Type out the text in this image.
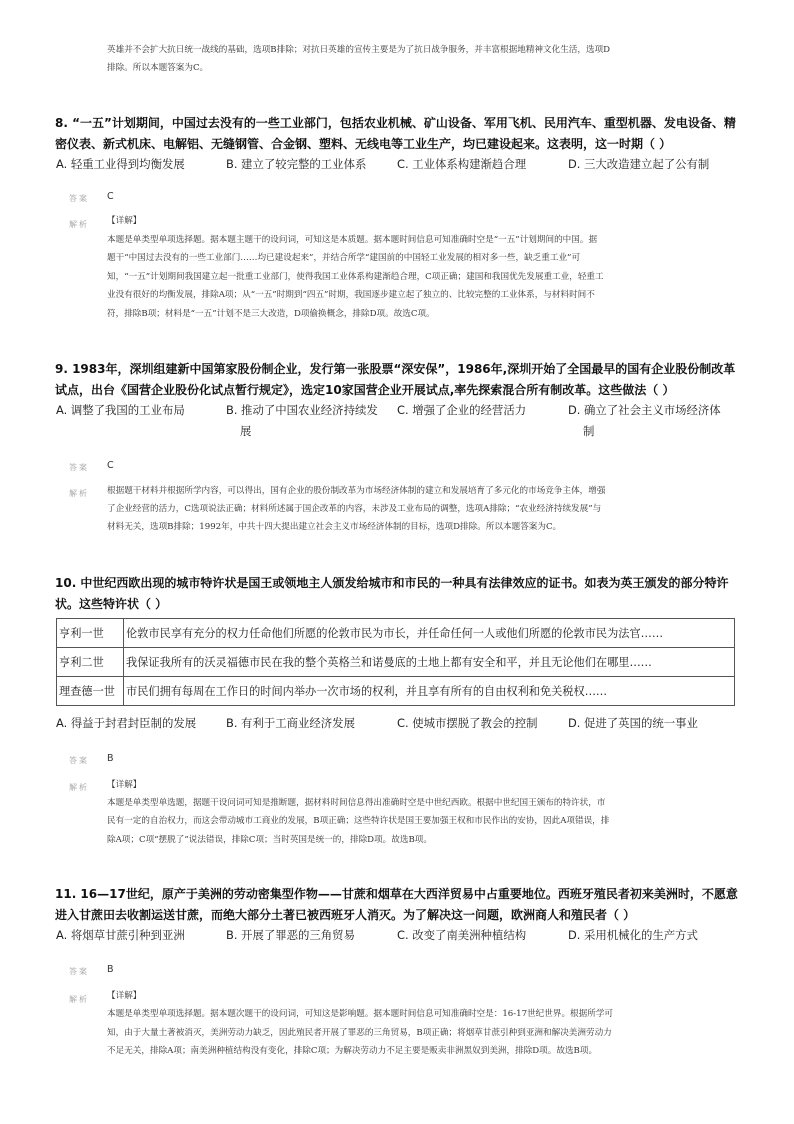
英雄并不会扩大抗日统一战线的基础，选项B排除；对抗日英雄的宣传主要是为了抗日战争服务，并丰富根据地精神文化生活，选项D
排除。所以本题答案为C。
8. “一五”计划期间，中国过去没有的一些工业部门，包括农业机械、矿山设备、军用飞机、民用汽车、重型机器、发电设备、精
密仪表、新式机床、电解铝、无缝钢管、合金钢、塑料、无线电等工业生产，均已建设起来。这表明，这一时期（ ）
A. 轻重工业得到均衡发展	B. 建立了较完整的工业体系	C. 工业体系构建渐趋合理	D. 三大改造建立起了公有制
答案 C
解析 【详解】
本题是单类型单项选择题。据本题主题干的设问词，可知这是本质题。据本题时间信息可知准确时空是“一五”计划期间的中国。据
题干“中国过去没有的一些工业部门……均已建设起来”，并结合所学“建国前的中国轻工业发展的相对多一些，缺乏重工业”可
知，“一五”计划期间我国建立起一批重工业部门，使得我国工业体系构建渐趋合理，C项正确；建国和我国优先发展重工业，轻重工
业没有很好的均衡发展，排除A项；从“一五”时期到“四五”时期，我国逐步建立起了独立的、比较完整的工业体系，与材料时间不
符，排除B项；材料是“一五”计划不是三大改造，D项偷换概念，排除D项。故选C项。
9. 1983年，深圳组建新中国第家股份制企业，发行第一张股票“深安保”，1986年,深圳开始了全国最早的国有企业股份制改革
试点，出台《国营企业股份化试点暂行规定》，选定10家国营企业开展试点,率先探索混合所有制改革。这些做法（ ）
A. 调整了我国的工业布局	B. 推动了中国农业经济持续发
展
C. 增强了企业的经营活力	D. 确立了社会主义市场经济体
制
答案 C
解析 根据题干材料并根据所学内容，可以得出，国有企业的股份制改革为市场经济体制的建立和发展培育了多元化的市场竞争主体，增强
了企业经营的活力，C选项说法正确；材料所述属于国企改革的内容，未涉及工业布局的调整，选项A排除；“农业经济持续发展”与
材料无关，选项B排除；1992年，中共十四大提出建立社会主义市场经济体制的目标，选项D排除。所以本题答案为C。
10. 中世纪西欧出现的城市特许状是国王或领地主人颁发给城市和市民的一种具有法律效应的证书。如表为英王颁发的部分特许
状。这些特许状（ ）
亨利一世	伦敦市民享有充分的权力任命他们所愿的伦敦市民为市长，并任命任何一人或他们所愿的伦敦市民为法官……
亨利二世	我保证我所有的沃灵福德市民在我的整个英格兰和诺曼底的土地上都有安全和平，并且无论他们在哪里……
理查德一世	市民们拥有每周在工作日的时间内举办一次市场的权利，并且享有所有的自由权利和免关税权……
A. 得益于封君封臣制的发展	B. 有利于工商业经济发展	C. 使城市摆脱了教会的控制	D. 促进了英国的统一事业
答案 B
解析 【详解】
本题是单类型单选题，据题干设问词可知是推断题，据材料时间信息得出准确时空是中世纪西欧。根据中世纪国王颁布的特许状，市
民有一定的自治权力，而这会带动城市工商业的发展，B项正确；这些特许状是国王要加强王权和市民作出的安协，因此A项错误，排
除A项；C项“摆脱了”说法错误，排除C项；当时英国是统一的，排除D项。故选B项。
11. 16—17世纪，原产于美洲的劳动密集型作物——甘蔗和烟草在大西洋贸易中占重要地位。西班牙殖民者初来美洲时，不愿意
进入甘蔗田去收割运送甘蔗，而绝大部分土著已被西班牙人消灭。为了解决这一问题，欧洲商人和殖民者（ ）
A. 将烟草甘蔗引种到亚洲	B. 开展了罪恶的三角贸易	C. 改变了南美洲种植结构	D. 采用机械化的生产方式
答案 B
解析 【详解】
本题是单类型单项选择题。据本题次题干的设问词，可知这是影响题。据本题时间信息可知准确时空是：16-17世纪世界。根据所学可
知，由于大量土著被消灭，美洲劳动力缺乏，因此殖民者开展了罪恶的三角贸易，B项正确；将烟草甘蔗引种到亚洲和解决美洲劳动力
不足无关，排除A项；南美洲种植结构没有变化，排除C项；为解决劳动力不足主要是贩卖非洲黑奴到美洲，排除D项。故选B项。
